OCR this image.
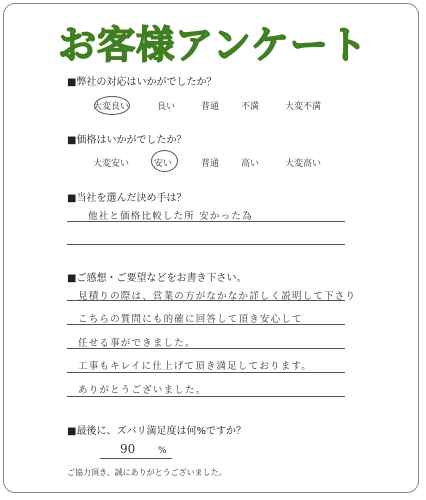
お客様アンケート
■弊社の対応はいかがでしたか？
大変良い	良い	普通 不満	大変不満
■価格はいかがでしたか？
大変安い	安い	普通 高い	大変高い
■当社を選んだ決め手は？
他社と価格比較した所 安かった為
■ご感想・ご要望などをお書き下さい。
見積りの際は、営業の方がなかなか詳しく説明して下さり
こちらの質問にも的確に回答して頂き安心して
任せる事ができました。
工事もキレイに仕上げて頂き満足しております。
ありがとうございました。
■最後に、ズバリ満足度は何%ですか？
90	%
ご協力頂き、誠にありがとうございました。
